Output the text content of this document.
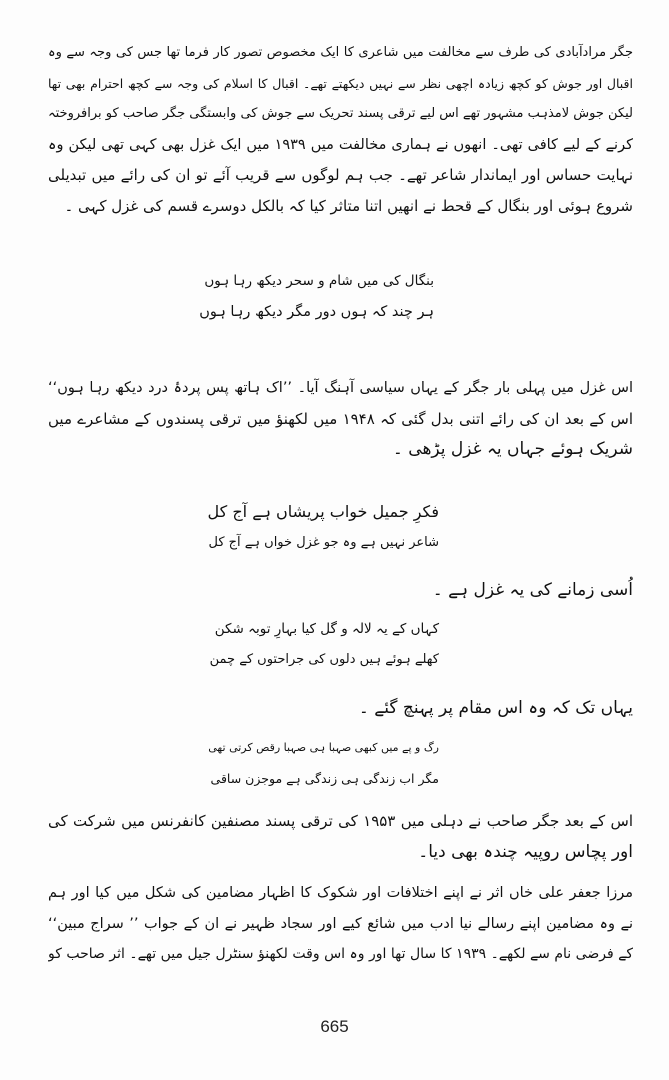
جگر مرادآبادی کی طرف سے مخالفت میں شاعری کا ایک مخصوص تصور کار فرما تھا جس کی وجہ سے وہ
اقبال اور جوش کو کچھ زیادہ اچھی نظر سے نہیں دیکھتے تھے۔ اقبال کا اسلام کی وجہ سے کچھ احترام بھی تھا
لیکن جوش لامذہب مشہور تھے اس لیے ترقی پسند تحریک سے جوش کی وابستگی جگر صاحب کو برافروختہ
کرنے کے لیے کافی تھی۔ انھوں نے ہماری مخالفت میں ۱۹۳۹ میں ایک غزل بھی کہی تھی لیکن وہ
نہایت حساس اور ایماندار شاعر تھے۔ جب ہم لوگوں سے قریب آئے تو ان کی رائے میں تبدیلی
شروع ہوئی اور بنگال کے قحط نے انھیں اتنا متاثر کیا کہ بالکل دوسرے قسم کی غزل کہی ۔
بنگال کی میں شام و سحر دیکھ رہا ہوں
ہر چند کہ ہوں دور مگر دیکھ رہا ہوں
اس غزل میں پہلی بار جگر کے یہاں سیاسی آہنگ آیا۔ ’’اک ہاتھ پس پردۂ درد دیکھ رہا ہوں‘‘
اس کے بعد ان کی رائے اتنی بدل گئی کہ ۱۹۴۸ میں لکھنؤ میں ترقی پسندوں کے مشاعرے میں
شریک ہوئے جہاں یہ غزل پڑھی ۔
فکرِ جمیل خواب پریشاں ہے آج کل
شاعر نہیں ہے وہ جو غزل خواں ہے آج کل
اُسی زمانے کی یہ غزل ہے ۔
کہاں کے یہ لالہ و گل کیا بہارِ توبہ شکن
کھلے ہوئے ہیں دلوں کی جراحتوں کے چمن
یہاں تک کہ وہ اس مقام پر پہنچ گئے ۔
رگ و پے میں کبھی صہبا ہی صہبا رقص کرتی تھی
مگر اب زندگی ہی زندگی ہے موجزن ساقی
اس کے بعد جگر صاحب نے دہلی میں ۱۹۵۳ کی ترقی پسند مصنفین کانفرنس میں شرکت کی
اور پچاس روپیہ چندہ بھی دیا۔
مرزا جعفر علی خاں اثر نے اپنے اختلافات اور شکوک کا اظہار مضامین کی شکل میں کیا اور ہم
نے وہ مضامین اپنے رسالے نیا ادب میں شائع کیے اور سجاد ظہیر نے ان کے جواب ’’ سراج مبین‘‘
کے فرضی نام سے لکھے۔ ۱۹۳۹ کا سال تھا اور وہ اس وقت لکھنؤ سنٹرل جیل میں تھے۔ اثر صاحب کو
665
